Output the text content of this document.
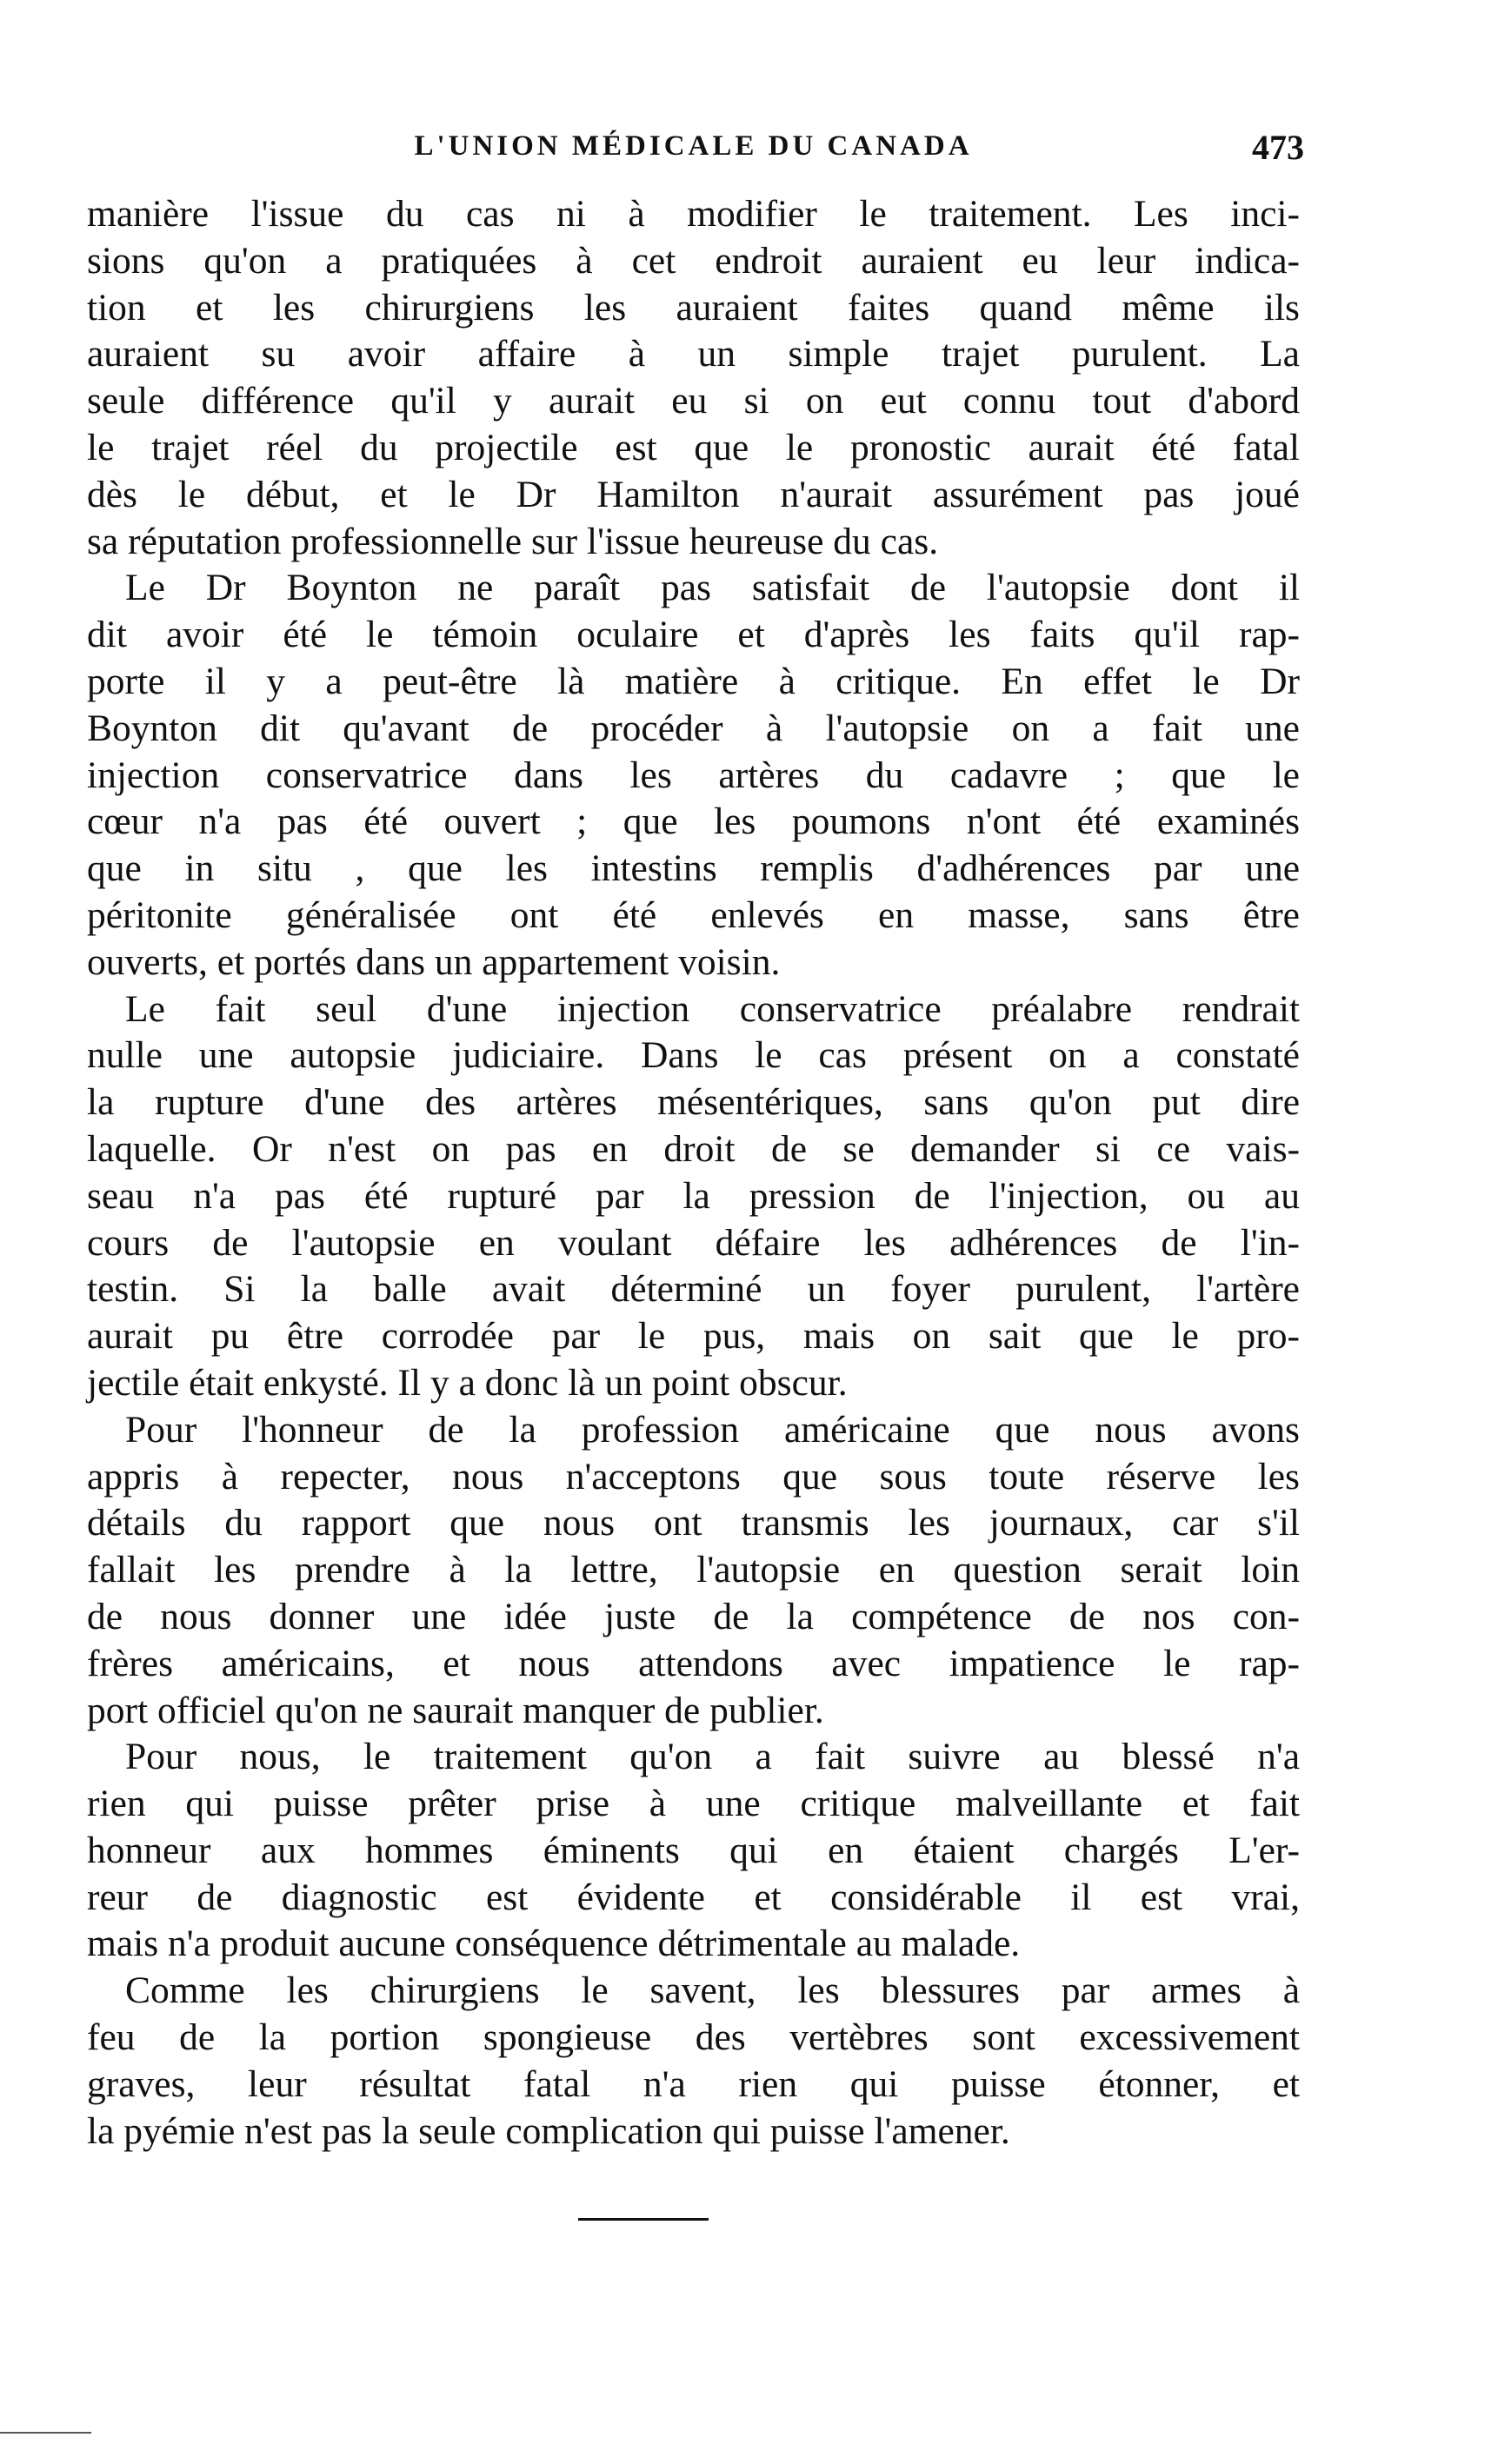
L'UNION MÉDICALE DU CANADA	473

manière l'issue du cas ni à modifier le traitement. Les inci-
sions qu'on a pratiquées à cet endroit auraient eu leur indica-
tion et les chirurgiens les auraient faites quand même ils
auraient su avoir affaire à un simple trajet purulent. La
seule différence qu'il y aurait eu si on eut connu tout d'abord
le trajet réel du projectile est que le pronostic aurait été fatal
dès le début, et le Dr Hamilton n'aurait assurément pas joué
sa réputation professionnelle sur l'issue heureuse du cas.

Le Dr Boynton ne paraît pas satisfait de l'autopsie dont il
dit avoir été le témoin oculaire et d'après les faits qu'il rap-
porte il y a peut-être là matière à critique. En effet le Dr
Boynton dit qu'avant de procéder à l'autopsie on a fait une
injection conservatrice dans les artères du cadavre ; que le
cœur n'a pas été ouvert ; que les poumons n'ont été examinés
que in situ , que les intestins remplis d'adhérences par une
péritonite généralisée ont été enlevés en masse, sans être
ouverts, et portés dans un appartement voisin.

Le fait seul d'une injection conservatrice préalabre rendrait
nulle une autopsie judiciaire. Dans le cas présent on a constaté
la rupture d'une des artères mésentériques, sans qu'on put dire
laquelle. Or n'est on pas en droit de se demander si ce vais-
seau n'a pas été rupturé par la pression de l'injection, ou au
cours de l'autopsie en voulant défaire les adhérences de l'in-
testin. Si la balle avait déterminé un foyer purulent, l'artère
aurait pu être corrodée par le pus, mais on sait que le pro-
jectile était enkysté. Il y a donc là un point obscur.

Pour l'honneur de la profession américaine que nous avons
appris à repecter, nous n'acceptons que sous toute réserve les
détails du rapport que nous ont transmis les journaux, car s'il
fallait les prendre à la lettre, l'autopsie en question serait loin
de nous donner une idée juste de la compétence de nos con-
frères américains, et nous attendons avec impatience le rap-
port officiel qu'on ne saurait manquer de publier.

Pour nous, le traitement qu'on a fait suivre au blessé n'a
rien qui puisse prêter prise à une critique malveillante et fait
honneur aux hommes éminents qui en étaient chargés L'er-
reur de diagnostic est évidente et considérable il est vrai,
mais n'a produit aucune conséquence détrimentale au malade.

Comme les chirurgiens le savent, les blessures par armes à
feu de la portion spongieuse des vertèbres sont excessivement
graves, leur résultat fatal n'a rien qui puisse étonner, et
la pyémie n'est pas la seule complication qui puisse l'amener.
